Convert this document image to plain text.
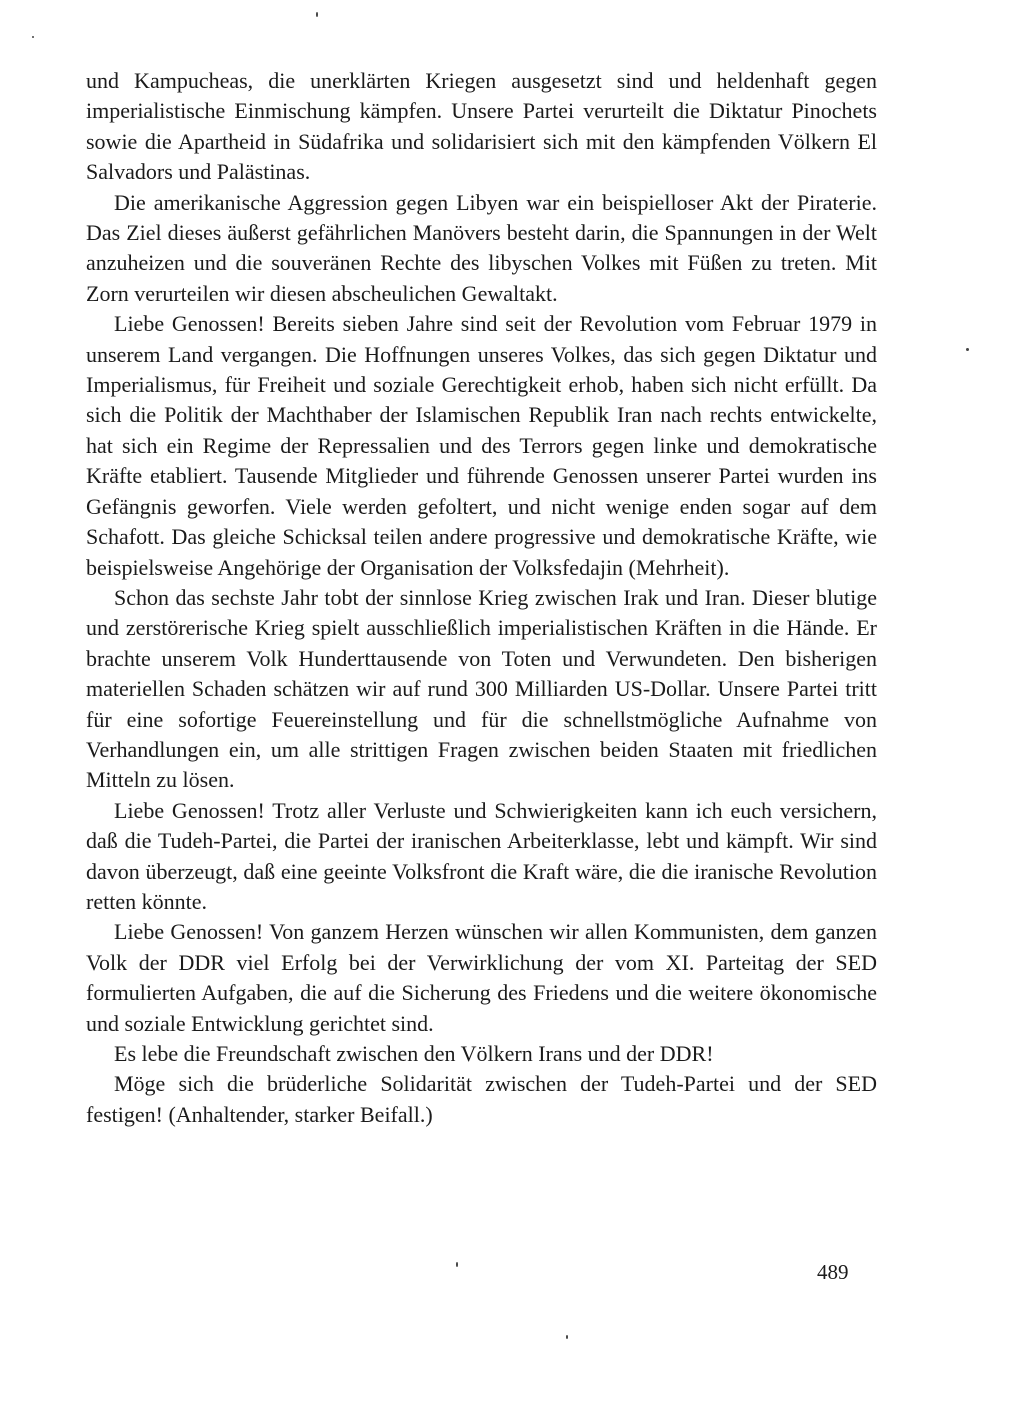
und Kampucheas, die unerklärten Kriegen ausgesetzt sind und heldenhaft gegen imperialistische Einmischung kämpfen. Unsere Partei verurteilt die Diktatur Pinochets sowie die Apartheid in Südafrika und solidarisiert sich mit den kämpfenden Völkern El Salvadors und Palästinas.

Die amerikanische Aggression gegen Libyen war ein beispielloser Akt der Piraterie. Das Ziel dieses äußerst gefährlichen Manövers besteht darin, die Spannungen in der Welt anzuheizen und die souveränen Rechte des libyschen Volkes mit Füßen zu treten. Mit Zorn verurteilen wir diesen abscheulichen Gewaltakt.

Liebe Genossen! Bereits sieben Jahre sind seit der Revolution vom Februar 1979 in unserem Land vergangen. Die Hoffnungen unseres Volkes, das sich gegen Diktatur und Imperialismus, für Freiheit und soziale Gerechtigkeit erhob, haben sich nicht erfüllt. Da sich die Politik der Machthaber der Islamischen Republik Iran nach rechts entwickelte, hat sich ein Regime der Repressalien und des Terrors gegen linke und demokratische Kräfte etabliert. Tausende Mitglieder und führende Genossen unserer Partei wurden ins Gefängnis geworfen. Viele werden gefoltert, und nicht wenige enden sogar auf dem Schafott. Das gleiche Schicksal teilen andere progressive und demokratische Kräfte, wie beispielsweise Angehörige der Organisation der Volksfedajin (Mehrheit).

Schon das sechste Jahr tobt der sinnlose Krieg zwischen Irak und Iran. Dieser blutige und zerstörerische Krieg spielt ausschließlich imperialistischen Kräften in die Hände. Er brachte unserem Volk Hunderttausende von Toten und Verwundeten. Den bisherigen materiellen Schaden schätzen wir auf rund 300 Milliarden US-Dollar. Unsere Partei tritt für eine sofortige Feuereinstellung und für die schnellstmögliche Aufnahme von Verhandlungen ein, um alle strittigen Fragen zwischen beiden Staaten mit friedlichen Mitteln zu lösen.

Liebe Genossen! Trotz aller Verluste und Schwierigkeiten kann ich euch versichern, daß die Tudeh-Partei, die Partei der iranischen Arbeiterklasse, lebt und kämpft. Wir sind davon überzeugt, daß eine geeinte Volksfront die Kraft wäre, die die iranische Revolution retten könnte.

Liebe Genossen! Von ganzem Herzen wünschen wir allen Kommunisten, dem ganzen Volk der DDR viel Erfolg bei der Verwirklichung der vom XI. Parteitag der SED formulierten Aufgaben, die auf die Sicherung des Friedens und die weitere ökonomische und soziale Entwicklung gerichtet sind.

Es lebe die Freundschaft zwischen den Völkern Irans und der DDR!

Möge sich die brüderliche Solidarität zwischen der Tudeh-Partei und der SED festigen! (Anhaltender, starker Beifall.)

489
